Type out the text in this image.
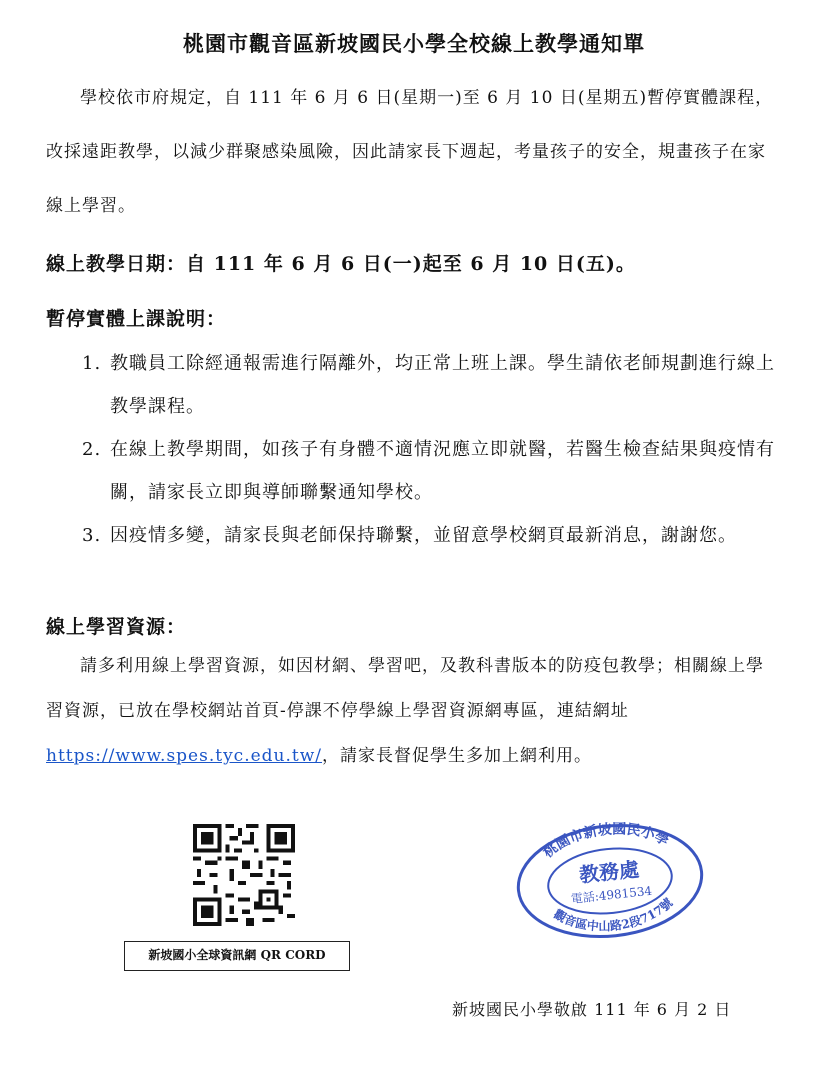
桃園市觀音區新坡國民小學全校線上教學通知單
學校依市府規定，自 111 年 6 月 6 日(星期一)至 6 月 10 日(星期五)暫停實體課程，改採遠距教學，以減少群聚感染風險，因此請家長下週起，考量孩子的安全，規畫孩子在家線上學習。
線上教學日期：自 111 年 6 月 6 日(一)起至 6 月 10 日(五)。
暫停實體上課說明：
1. 教職員工除經通報需進行隔離外，均正常上班上課。學生請依老師規劃進行線上教學課程。
2. 在線上教學期間，如孩子有身體不適情況應立即就醫，若醫生檢查結果與疫情有關，請家長立即與導師聯繫通知學校。
3. 因疫情多變，請家長與老師保持聯繫，並留意學校網頁最新消息，謝謝您。
線上學習資源：
請多利用線上學習資源，如因材網、學習吧，及教科書版本的防疫包教學；相關線上學習資源，已放在學校網站首頁-停課不停學線上學習資源網專區，連結網址 https://www.spes.tyc.edu.tw/，請家長督促學生多加上網利用。
新坡國小全球資訊網 QR CORD
桃園市新坡國民小學
觀音區中山路2段717號
教務處
電話:4981534
新坡國民小學敬啟 111 年 6 月 2 日
